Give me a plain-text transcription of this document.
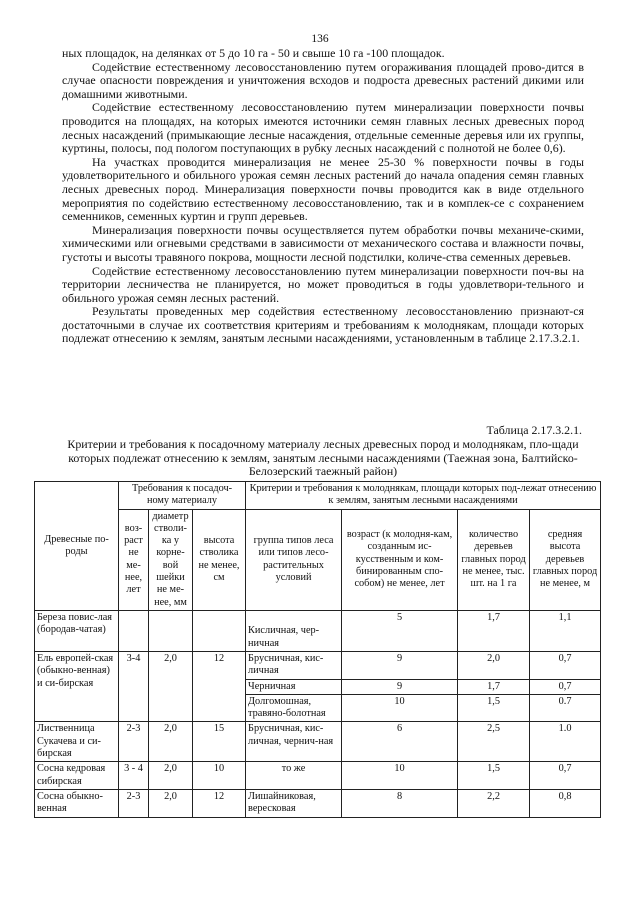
136

ных площадок, на делянках от 5 до 10 га - 50 и свыше 10 га -100 площадок.

Содействие естественному лесовосстановлению путем огораживания площадей прово-дится в случае опасности повреждения и уничтожения всходов и подроста древесных растений дикими или домашними животными.

Содействие естественному лесовосстановлению путем минерализации поверхности почвы проводится на площадях, на которых имеются источники семян главных лесных древесных пород лесных насаждений (примыкающие лесные насаждения, отдельные семенные деревья или их группы, куртины, полосы, под пологом поступающих в рубку лесных насаждений с полнотой не более 0,6).

На участках проводится минерализация не менее 25-30 % поверхности почвы в годы удовлетворительного и обильного урожая семян лесных растений до начала опадения семян главных лесных древесных пород. Минерализация поверхности почвы проводится как в виде отдельного мероприятия по содействию естественному лесовосстановлению, так и в комплек-се с сохранением семенников, семенных куртин и групп деревьев.

Минерализация поверхности почвы осуществляется путем обработки почвы механиче-скими, химическими или огневыми средствами в зависимости от механического состава и влажности почвы, густоты и высоты травяного покрова, мощности лесной подстилки, количе-ства семенных деревьев.

Содействие естественному лесовосстановлению путем минерализации поверхности поч-вы на территории лесничества не планируется, но может проводиться в годы удовлетвори-тельного и обильного урожая семян лесных растений.

Результаты проведенных мер содействия естественному лесовосстановлению признают-ся достаточными в случае их соответствия критериям и требованиям к молоднякам, площади которых подлежат отнесению к землям, занятым лесными насаждениями, установленным в таблице 2.17.3.2.1.

Таблица 2.17.3.2.1.
Критерии и требования к посадочному материалу лесных древесных пород и молоднякам, пло-щади которых подлежат отнесению к землям, занятым лесными насаждениями (Таежная зона, Балтийско-Белозерский таежный район)
Древесные по-роды	Требования к посадоч-ному материалу			Критерии и требования к молоднякам, площади которых под-лежат отнесению к землям, занятым лесными насаждениями			
	воз-раст не ме-нее, лет	диаметр стволи-ка у корне-вой шейки не ме-нее, мм	высота стволика не менее, см	группа типов леса или типов лесо-растительных условий	возраст (к молодня-кам, созданным ис-кусственным и ком-бинированным спо-собом) не менее, лет	количество деревьев главных пород не менее, тыс. шт. на 1 га	средняя высота деревьев главных пород не менее, м
Береза повис-лая (бородав-чатая)				Кисличная, чер-ничная	5	1,7	1,1
Ель европей-ская (обыкно-венная) и си-бирская	3-4	2,0	12	Брусничная, кис-личная	9	2,0	0,7
				Черничная	9	1,7	0,7
				Долгомошная, травяно-болотная	10	1,5	0.7
Лиственница Сукачева и си-бирская	2-3	2,0	15	Брусничная, кис-личная, чернич-ная	6	2,5	1.0
Сосна кедровая сибирская	3 - 4	2,0	10	то же	10	1,5	0,7
Сосна обыкно-венная	2-3	2,0	12	Лишайниковая, вересковая	8	2,2	0,8
